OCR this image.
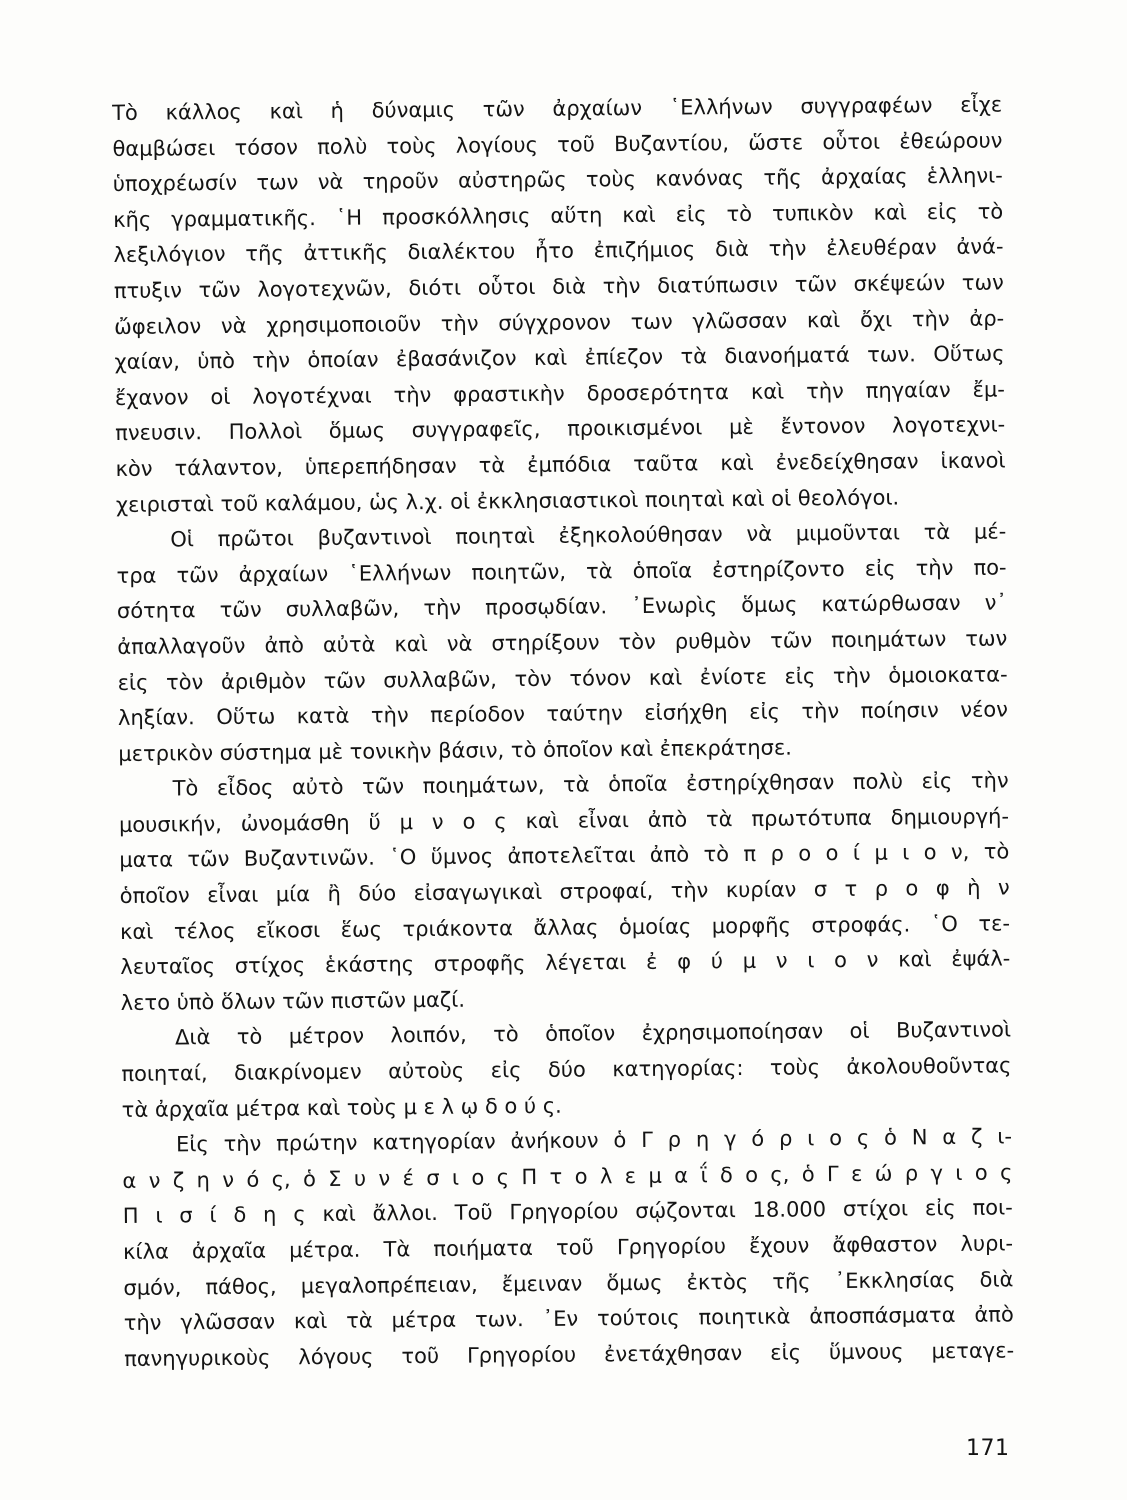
Τὸ κάλλος καὶ ἡ δύναμις τῶν ἀρχαίων ῾Ελλήνων συγγραφέων εἶχε
θαμβώσει τόσον πολὺ τοὺς λογίους τοῦ Βυζαντίου, ὥστε οὗτοι ἐθεώρουν
ὑποχρέωσίν των νὰ τηροῦν αὐστηρῶς τοὺς κανόνας τῆς ἀρχαίας ἑλληνι-
κῆς γραμματικῆς. ῾Η προσκόλλησις αὕτη καὶ εἰς τὸ τυπικὸν καὶ εἰς τὸ
λεξιλόγιον τῆς ἀττικῆς διαλέκτου ἦτο ἐπιζήμιος διὰ τὴν ἐλευθέραν ἀνά-
πτυξιν τῶν λογοτεχνῶν, διότι οὗτοι διὰ τὴν διατύπωσιν τῶν σκέψεών των
ὤφειλον νὰ χρησιμοποιοῦν τὴν σύγχρονον των γλῶσσαν καὶ ὄχι τὴν ἀρ-
χαίαν, ὑπὸ τὴν ὁποίαν ἐβασάνιζον καὶ ἐπίεζον τὰ διανοήματά των. Οὕτως
ἔχανον οἱ λογοτέχναι τὴν φραστικὴν δροσερότητα καὶ τὴν πηγαίαν ἔμ-
πνευσιν. Πολλοὶ ὅμως συγγραφεῖς, προικισμένοι μὲ ἔντονον λογοτεχνι-
κὸν τάλαντον, ὑπερεπήδησαν τὰ ἐμπόδια ταῦτα καὶ ἐνεδείχθησαν ἱκανοὶ
χειρισταὶ τοῦ καλάμου, ὡς λ.χ. οἱ ἐκκλησιαστικοὶ ποιηταὶ καὶ οἱ θεολόγοι.
Οἱ πρῶτοι βυζαντινοὶ ποιηταὶ ἐξηκολούθησαν νὰ μιμοῦνται τὰ μέ-
τρα τῶν ἀρχαίων ῾Ελλήνων ποιητῶν, τὰ ὁποῖα ἐστηρίζοντο εἰς τὴν πο-
σότητα τῶν συλλαβῶν, τὴν προσῳδίαν. ᾽Ενωρὶς ὅμως κατώρθωσαν ν᾽
ἀπαλλαγοῦν ἀπὸ αὐτὰ καὶ νὰ στηρίξουν τὸν ρυθμὸν τῶν ποιημάτων των
εἰς τὸν ἀριθμὸν τῶν συλλαβῶν, τὸν τόνον καὶ ἐνίοτε εἰς τὴν ὁμοιοκατα-
ληξίαν. Οὕτω κατὰ τὴν περίοδον ταύτην εἰσήχθη εἰς τὴν ποίησιν νέον
μετρικὸν σύστημα μὲ τονικὴν βάσιν, τὸ ὁποῖον καὶ ἐπεκράτησε.
Τὸ εἶδος αὐτὸ τῶν ποιημάτων, τὰ ὁποῖα ἐστηρίχθησαν πολὺ εἰς τὴν
μουσικήν, ὠνομάσθη ὕ μ ν ο ς καὶ εἶναι ἀπὸ τὰ πρωτότυπα δημιουργή-
ματα τῶν Βυζαντινῶν. ῾Ο ὕμνος ἀποτελεῖται ἀπὸ τὸ π ρ ο ο ί μ ι ο ν, τὸ
ὁποῖον εἶναι μία ἢ δύο εἰσαγωγικαὶ στροφαί, τὴν κυρίαν σ τ ρ ο φ ὴ ν
καὶ τέλος εἴκοσι ἕως τριάκοντα ἄλλας ὁμοίας μορφῆς στροφάς. ῾Ο τε-
λευταῖος στίχος ἑκάστης στροφῆς λέγεται ἐ φ ύ μ ν ι ο ν καὶ ἐψάλ-
λετο ὑπὸ ὅλων τῶν πιστῶν μαζί.
Διὰ τὸ μέτρον λοιπόν, τὸ ὁποῖον ἐχρησιμοποίησαν οἱ Βυζαντινοὶ
ποιηταί, διακρίνομεν αὐτοὺς εἰς δύο κατηγορίας: τοὺς ἀκολουθοῦντας
τὰ ἀρχαῖα μέτρα καὶ τοὺς μ ε λ ῳ δ ο ύ ς.
Εἰς τὴν πρώτην κατηγορίαν ἀνήκουν ὁ Γ ρ η γ ό ρ ι ο ς ὁ Ν α ζ ι-
α ν ζ η ν ό ς, ὁ Σ υ ν έ σ ι ο ς Π τ ο λ ε μ α ΐ δ ο ς, ὁ Γ ε ώ ρ γ ι ο ς
Π ι σ ί δ η ς καὶ ἄλλοι. Τοῦ Γρηγορίου σῴζονται 18.000 στίχοι εἰς ποι-
κίλα ἀρχαῖα μέτρα. Τὰ ποιήματα τοῦ Γρηγορίου ἔχουν ἄφθαστον λυρι-
σμόν, πάθος, μεγαλοπρέπειαν, ἔμειναν ὅμως ἐκτὸς τῆς ᾽Εκκλησίας διὰ
τὴν γλῶσσαν καὶ τὰ μέτρα των. ᾽Εν τούτοις ποιητικὰ ἀποσπάσματα ἀπὸ
πανηγυρικοὺς λόγους τοῦ Γρηγορίου ἐνετάχθησαν εἰς ὕμνους μεταγε-
171
